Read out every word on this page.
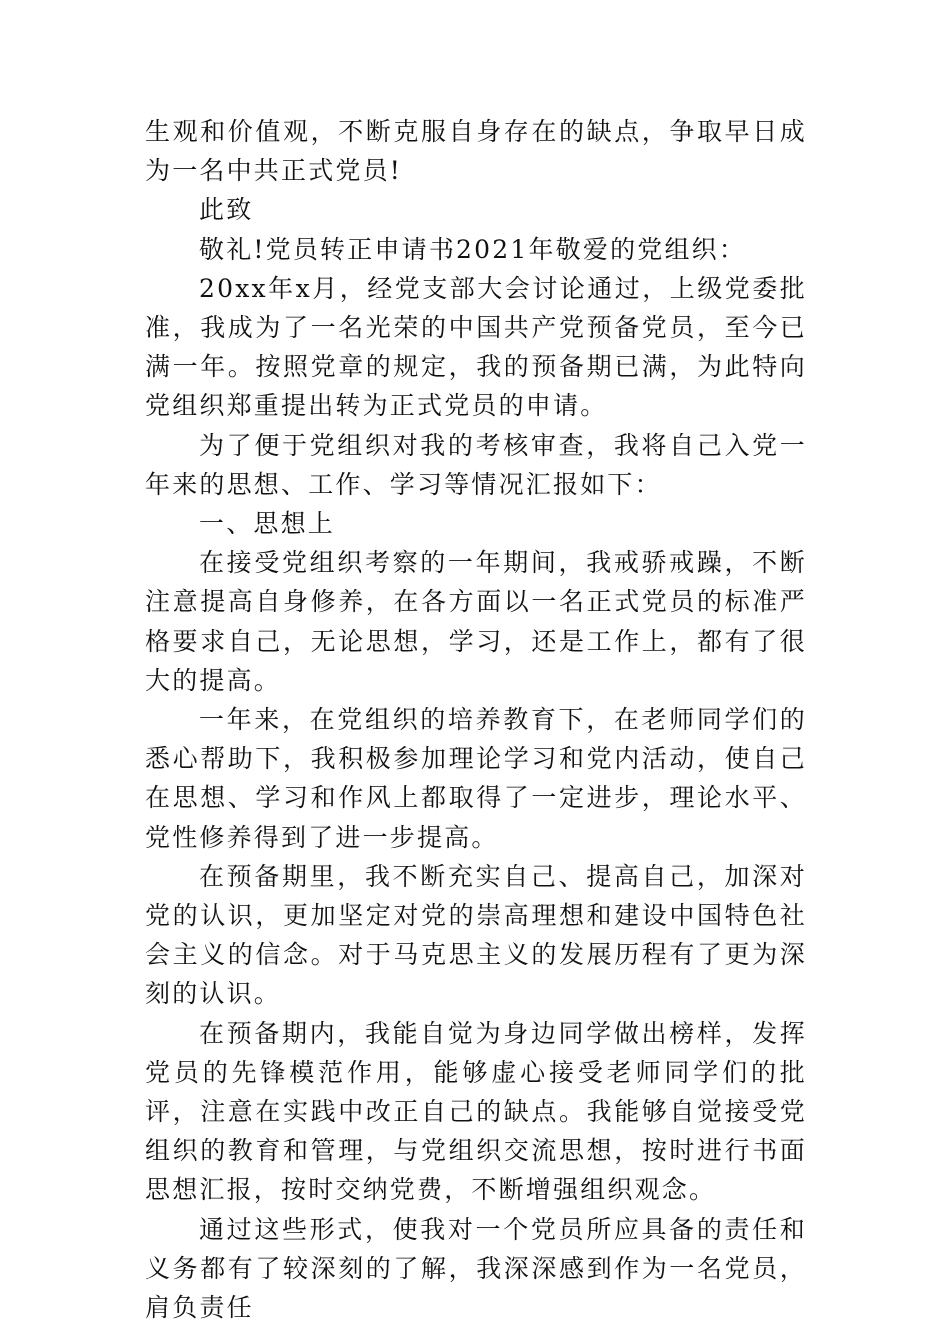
生观和价值观，不断克服自身存在的缺点，争取早日成为一名中共正式党员!

此致

敬礼!党员转正申请书2021年敬爱的党组织：

20xx年x月，经党支部大会讨论通过，上级党委批准，我成为了一名光荣的中国共产党预备党员，至今已满一年。按照党章的规定，我的预备期已满，为此特向党组织郑重提出转为正式党员的申请。

为了便于党组织对我的考核审查，我将自己入党一年来的思想、工作、学习等情况汇报如下：

一、思想上

在接受党组织考察的一年期间，我戒骄戒躁，不断注意提高自身修养，在各方面以一名正式党员的标准严格要求自己，无论思想，学习，还是工作上，都有了很大的提高。

一年来，在党组织的培养教育下，在老师同学们的悉心帮助下，我积极参加理论学习和党内活动，使自己在思想、学习和作风上都取得了一定进步，理论水平、党性修养得到了进一步提高。

在预备期里，我不断充实自己、提高自己，加深对党的认识，更加坚定对党的崇高理想和建设中国特色社会主义的信念。对于马克思主义的发展历程有了更为深刻的认识。

在预备期内，我能自觉为身边同学做出榜样，发挥党员的先锋模范作用，能够虚心接受老师同学们的批评，注意在实践中改正自己的缺点。我能够自觉接受党组织的教育和管理，与党组织交流思想，按时进行书面思想汇报，按时交纳党费，不断增强组织观念。

通过这些形式，使我对一个党员所应具备的责任和义务都有了较深刻的了解，我深深感到作为一名党员，肩负责任
